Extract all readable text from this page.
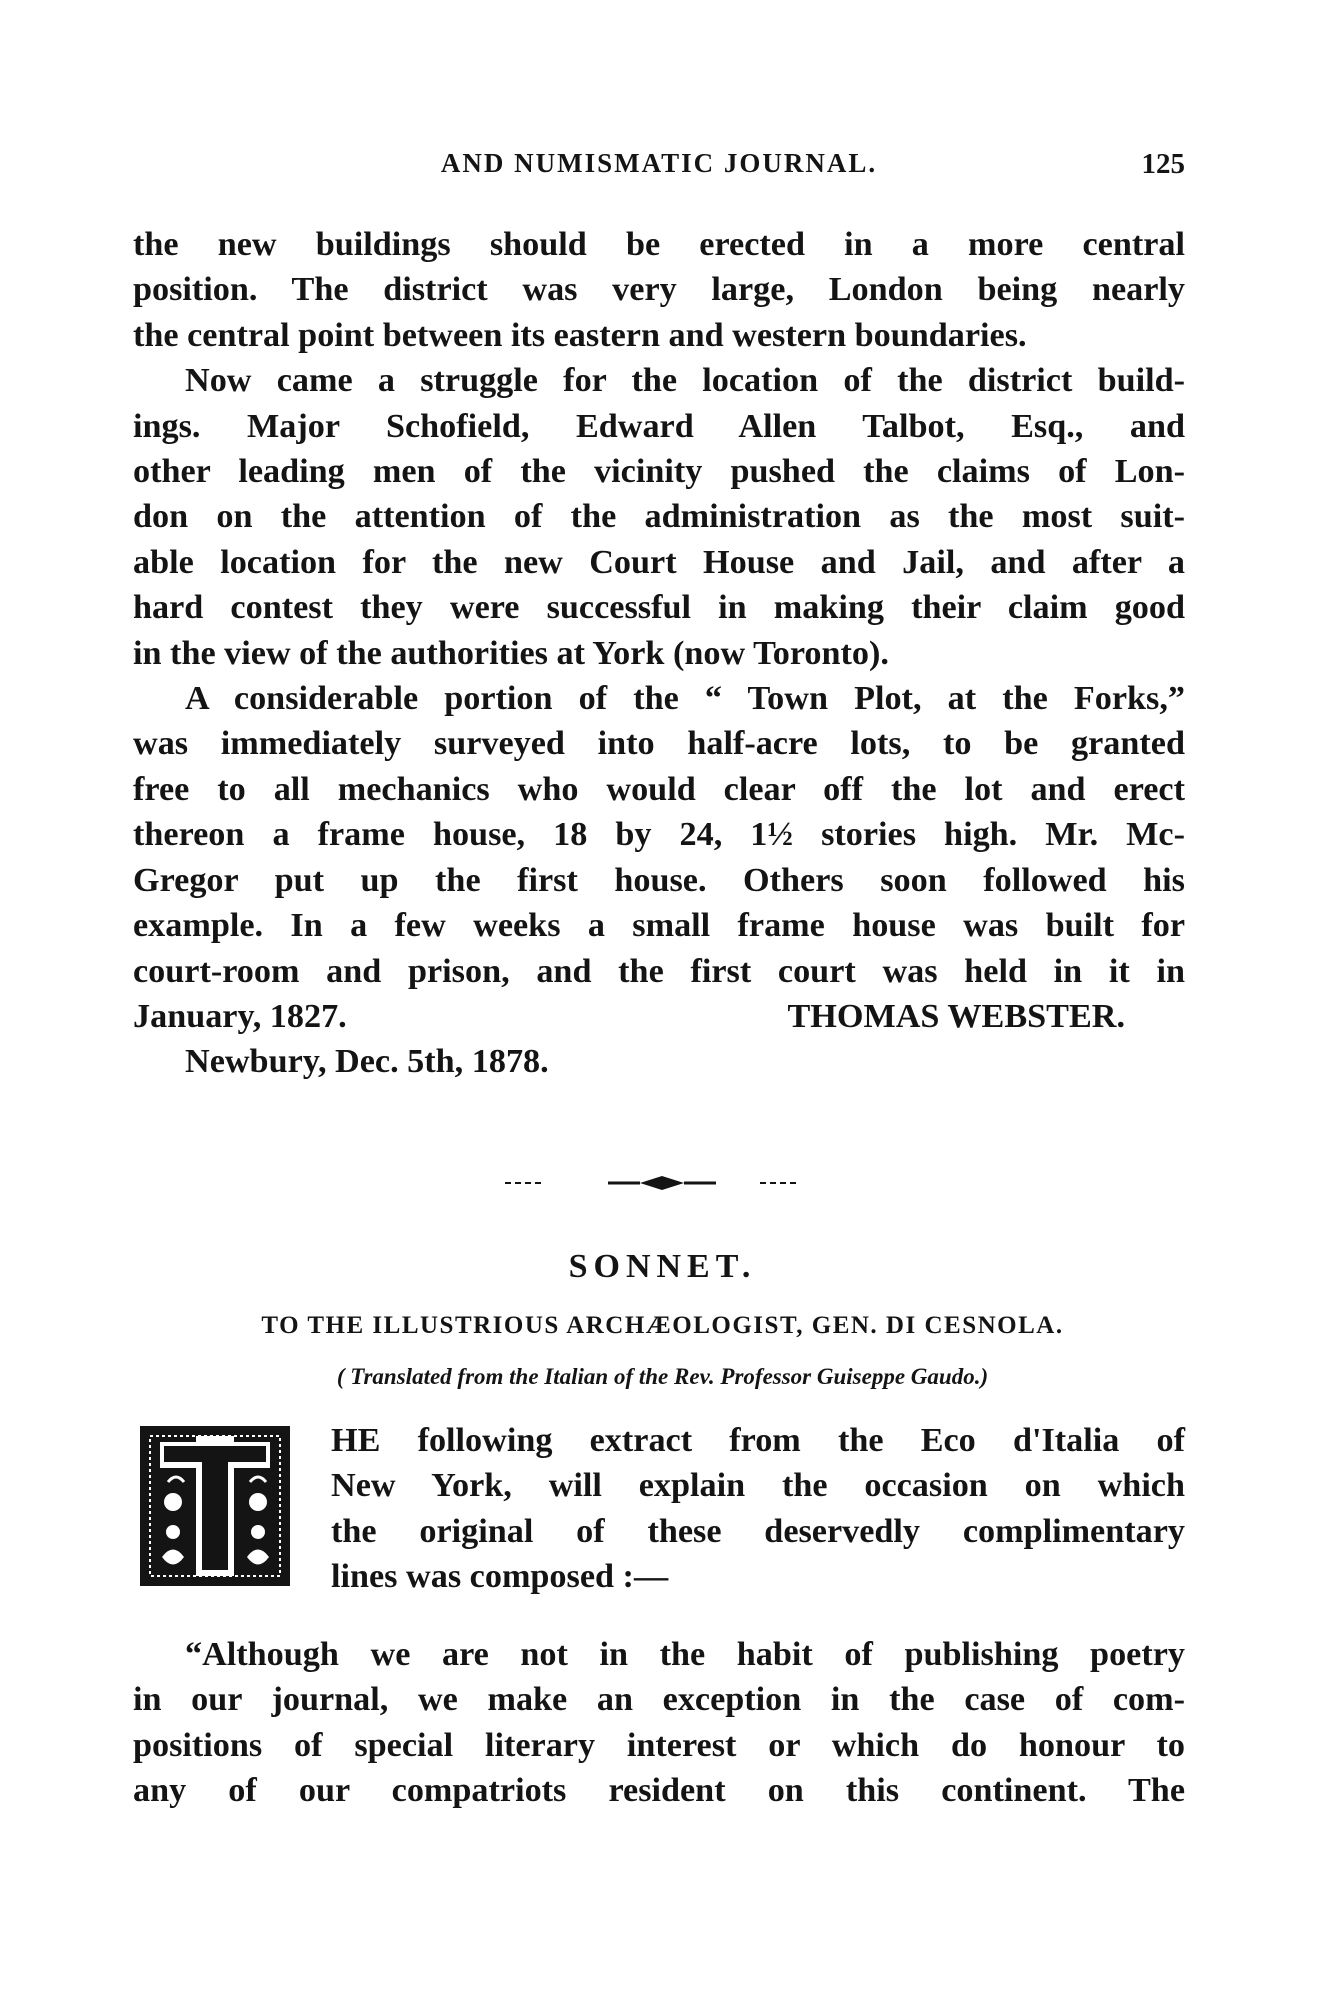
AND NUMISMATIC JOURNAL.	125
the new buildings should be erected in a more central
position. The district was very large, London being nearly
the central point between its eastern and western boundaries.
Now came a struggle for the location of the district build-
ings. Major Schofield, Edward Allen Talbot, Esq., and
other leading men of the vicinity pushed the claims of Lon-
don on the attention of the administration as the most suit-
able location for the new Court House and Jail, and after a
hard contest they were successful in making their claim good
in the view of the authorities at York (now Toronto).
A considerable portion of the “ Town Plot, at the Forks,”
was immediately surveyed into half-acre lots, to be granted
free to all mechanics who would clear off the lot and erect
thereon a frame house, 18 by 24, 1½ stories high. Mr. Mc-
Gregor put up the first house. Others soon followed his
example. In a few weeks a small frame house was built for
court-room and prison, and the first court was held in it in
January, 1827.	THOMAS WEBSTER.
Newbury, Dec. 5th, 1878.
SONNET.
TO THE ILLUSTRIOUS ARCHÆOLOGIST, GEN. DI CESNOLA.
( Translated from the Italian of the Rev. Professor Guiseppe Gaudo.)
HE following extract from the Eco d'Italia of
New York, will explain the occasion on which
the original of these deservedly complimentary
lines was composed :—
“Although we are not in the habit of publishing poetry
in our journal, we make an exception in the case of com-
positions of special literary interest or which do honour to
any of our compatriots resident on this continent. The
